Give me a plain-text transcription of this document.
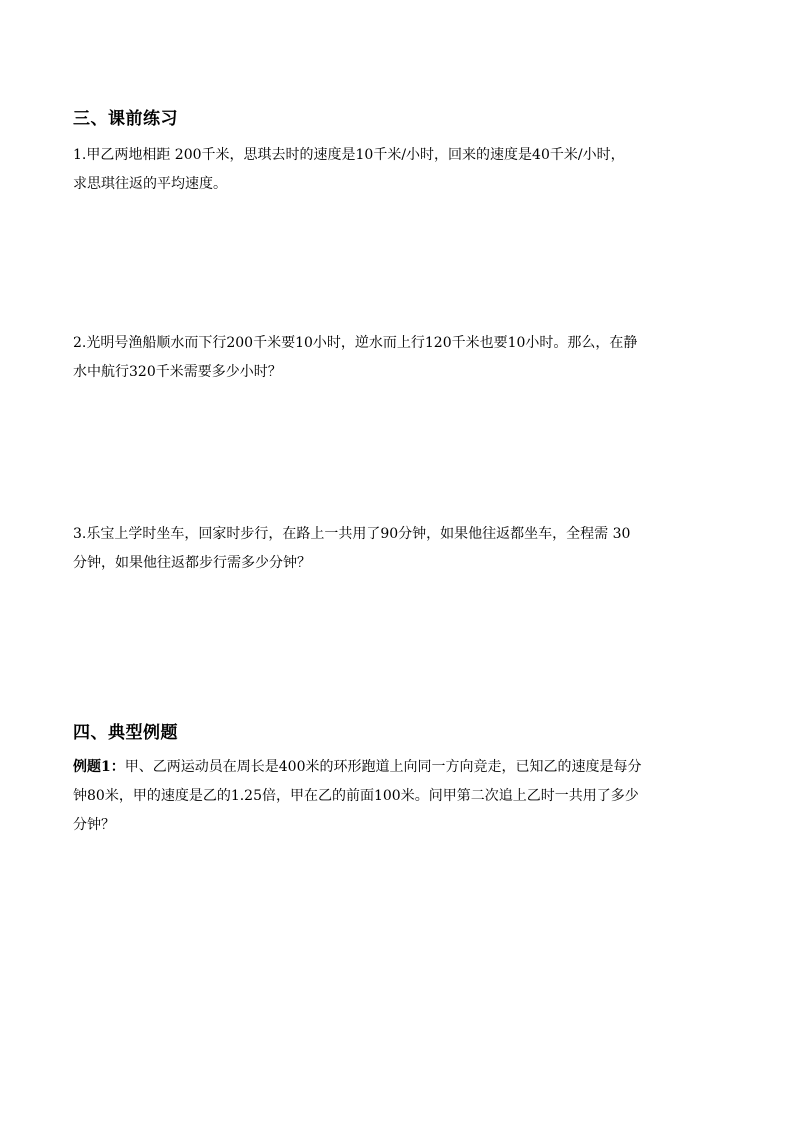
三、课前练习
1.甲乙两地相距 200千米，思琪去时的速度是10千米/小时，回来的速度是40千米/小时，
求思琪往返的平均速度。
2.光明号渔船顺水而下行200千米要10小时，逆水而上行120千米也要10小时。那么，在静
水中航行320千米需要多少小时？
3.乐宝上学时坐车，回家时步行，在路上一共用了90分钟，如果他往返都坐车，全程需 30
分钟，如果他往返都步行需多少分钟？
四、典型例题
例题1：甲、乙两运动员在周长是400米的环形跑道上向同一方向竞走，已知乙的速度是每分
钟80米，甲的速度是乙的1.25倍，甲在乙的前面100米。问甲第二次追上乙时一共用了多少
分钟？
